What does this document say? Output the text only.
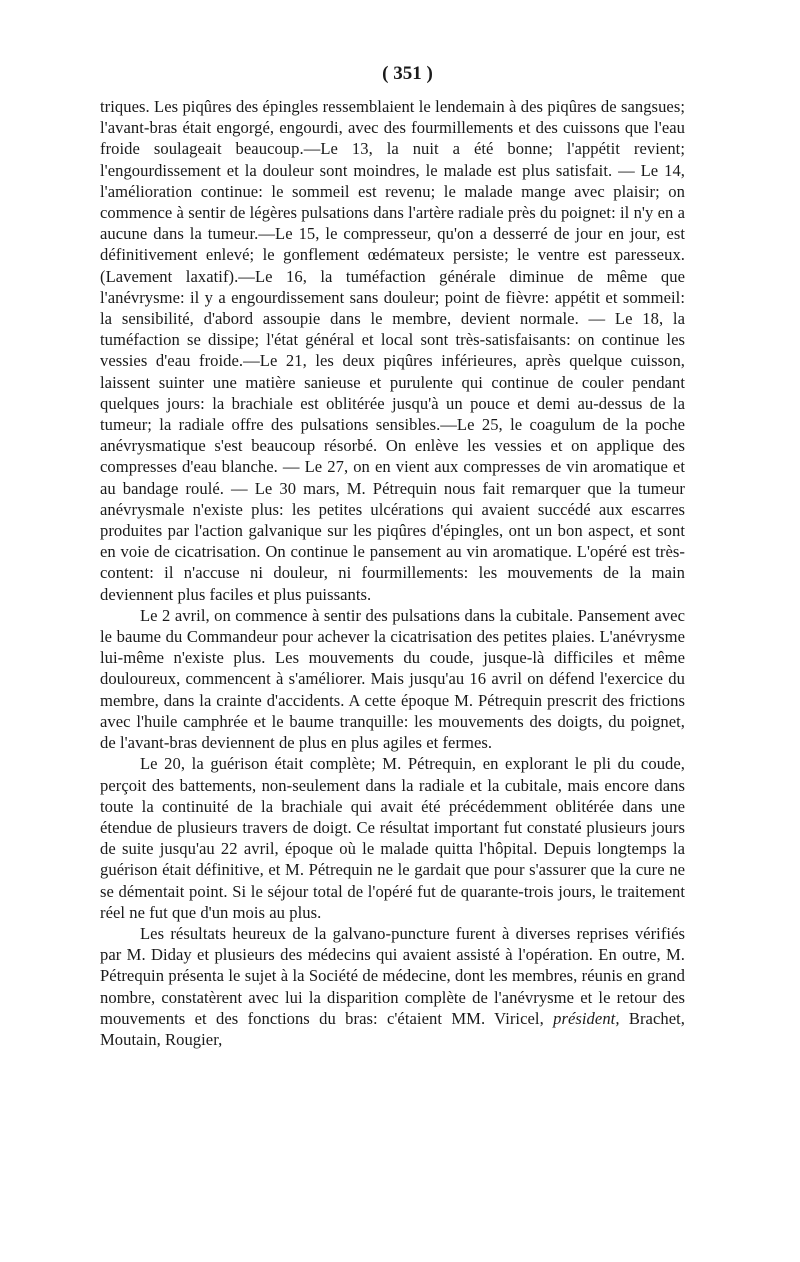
( 351 )

triques. Les piqûres des épingles ressemblaient le lendemain à des piqûres de sangsues; l'avant-bras était engorgé, engourdi, avec des fourmillements et des cuissons que l'eau froide soulageait beaucoup.—Le 13, la nuit a été bonne; l'appétit revient; l'engourdissement et la douleur sont moindres, le malade est plus satisfait. — Le 14, l'amélioration continue: le sommeil est revenu; le malade mange avec plaisir; on commence à sentir de légères pulsations dans l'artère radiale près du poignet: il n'y en a aucune dans la tumeur.—Le 15, le compresseur, qu'on a desserré de jour en jour, est définitivement enlevé; le gonflement œdémateux persiste; le ventre est paresseux. (Lavement laxatif).—Le 16, la tuméfaction générale diminue de même que l'anévrysme: il y a engourdissement sans douleur; point de fièvre: appétit et sommeil: la sensibilité, d'abord assoupie dans le membre, devient normale. — Le 18, la tuméfaction se dissipe; l'état général et local sont très-satisfaisants: on continue les vessies d'eau froide.—Le 21, les deux piqûres inférieures, après quelque cuisson, laissent suinter une matière sanieuse et purulente qui continue de couler pendant quelques jours: la brachiale est oblitérée jusqu'à un pouce et demi au-dessus de la tumeur; la radiale offre des pulsations sensibles.—Le 25, le coagulum de la poche anévrysmatique s'est beaucoup résorbé. On enlève les vessies et on applique des compresses d'eau blanche. — Le 27, on en vient aux compresses de vin aromatique et au bandage roulé. — Le 30 mars, M. Pétrequin nous fait remarquer que la tumeur anévrysmale n'existe plus: les petites ulcérations qui avaient succédé aux escarres produites par l'action galvanique sur les piqûres d'épingles, ont un bon aspect, et sont en voie de cicatrisation. On continue le pansement au vin aromatique. L'opéré est très-content: il n'accuse ni douleur, ni fourmillements: les mouvements de la main deviennent plus faciles et plus puissants.

Le 2 avril, on commence à sentir des pulsations dans la cubitale. Pansement avec le baume du Commandeur pour achever la cicatrisation des petites plaies. L'anévrysme lui-même n'existe plus. Les mouvements du coude, jusque-là difficiles et même douloureux, commencent à s'améliorer. Mais jusqu'au 16 avril on défend l'exercice du membre, dans la crainte d'accidents. A cette époque M. Pétrequin prescrit des frictions avec l'huile camphrée et le baume tranquille: les mouvements des doigts, du poignet, de l'avant-bras deviennent de plus en plus agiles et fermes.

Le 20, la guérison était complète; M. Pétrequin, en explorant le pli du coude, perçoit des battements, non-seulement dans la radiale et la cubitale, mais encore dans toute la continuité de la brachiale qui avait été précédemment oblitérée dans une étendue de plusieurs travers de doigt. Ce résultat important fut constaté plusieurs jours de suite jusqu'au 22 avril, époque où le malade quitta l'hôpital. Depuis longtemps la guérison était définitive, et M. Pétrequin ne le gardait que pour s'assurer que la cure ne se démentait point. Si le séjour total de l'opéré fut de quarante-trois jours, le traitement réel ne fut que d'un mois au plus.

Les résultats heureux de la galvano-puncture furent à diverses reprises vérifiés par M. Diday et plusieurs des médecins qui avaient assisté à l'opération. En outre, M. Pétrequin présenta le sujet à la Société de médecine, dont les membres, réunis en grand nombre, constatèrent avec lui la disparition complète de l'anévrysme et le retour des mouvements et des fonctions du bras: c'étaient MM. Viricel, président, Brachet, Moutain, Rougier,
